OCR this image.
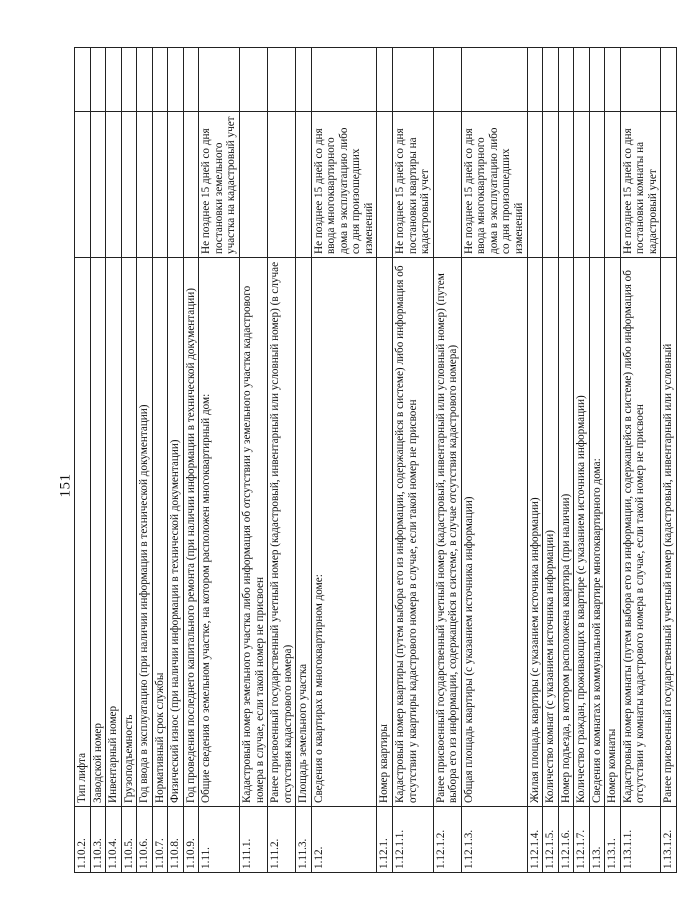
151
1.10.2.	Тип лифта		
1.10.3.	Заводской номер		
1.10.4.	Инвентарный номер		
1.10.5.	Грузоподъемность		
1.10.6.	Год ввода в эксплуатацию (при наличии информации в технической документации)		
1.10.7.	Нормативный срок службы		
1.10.8.	Физический износ (при наличии информации в технической документации)		
1.10.9.	Год проведения последнего капитального ремонта (при наличии информации в технической документации)		
1.11.	Общие сведения о земельном участке, на котором расположен многоквартирный дом:	Не позднее 15 дней со дня постановки земельного участка на кадастровый учет	
1.11.1.	Кадастровый номер земельного участка либо информация об отсутствии у земельного участка кадастрового номера в случае, если такой номер не присвоен		
1.11.2.	Ранее присвоенный государственный учетный номер (кадастровый, инвентарный или условный номер) (в случае отсутствия кадастрового номера)		
1.11.3.	Площадь земельного участка		
1.12.	Сведения о квартирах в многоквартирном доме:	Не позднее 15 дней со дня ввода многоквартирного дома в эксплуатацию либо со дня произошедших изменений	
1.12.1.	Номер квартиры		
1.12.1.1.	Кадастровый номер квартиры (путем выбора его из информации, содержащейся в системе) либо информация об отсутствии у квартиры кадастрового номера в случае, если такой номер не присвоен	Не позднее 15 дней со дня постановки квартиры на кадастровый учет	
1.12.1.2.	Ранее присвоенный государственный учетный номер (кадастровый, инвентарный или условный номер) (путем выбора его из информации, содержащейся в системе, в случае отсутствия кадастрового номера)		
1.12.1.3.	Общая площадь квартиры (с указанием источника информации)	Не позднее 15 дней со дня ввода многоквартирного дома в эксплуатацию либо со дня произошедших изменений	
1.12.1.4.	Жилая площадь квартиры (с указанием источника информации)		
1.12.1.5.	Количество комнат (с указанием источника информации)		
1.12.1.6.	Номер подъезда, в котором расположена квартира (при наличии)		
1.12.1.7.	Количество граждан, проживающих в квартире (с указанием источника информации)		
1.13.	Сведения о комнатах в коммунальной квартире многоквартирного дома:		
1.13.1.	Номер комнаты		
1.13.1.1.	Кадастровый номер комнаты (путем выбора его из информации, содержащейся в системе) либо информация об отсутствии у комнаты кадастрового номера в случае, если такой номер не присвоен	Не позднее 15 дней со дня постановки комнаты на кадастровый учет	
1.13.1.2.	Ранее присвоенный государственный учетный номер (кадастровый, инвентарный или условный		
